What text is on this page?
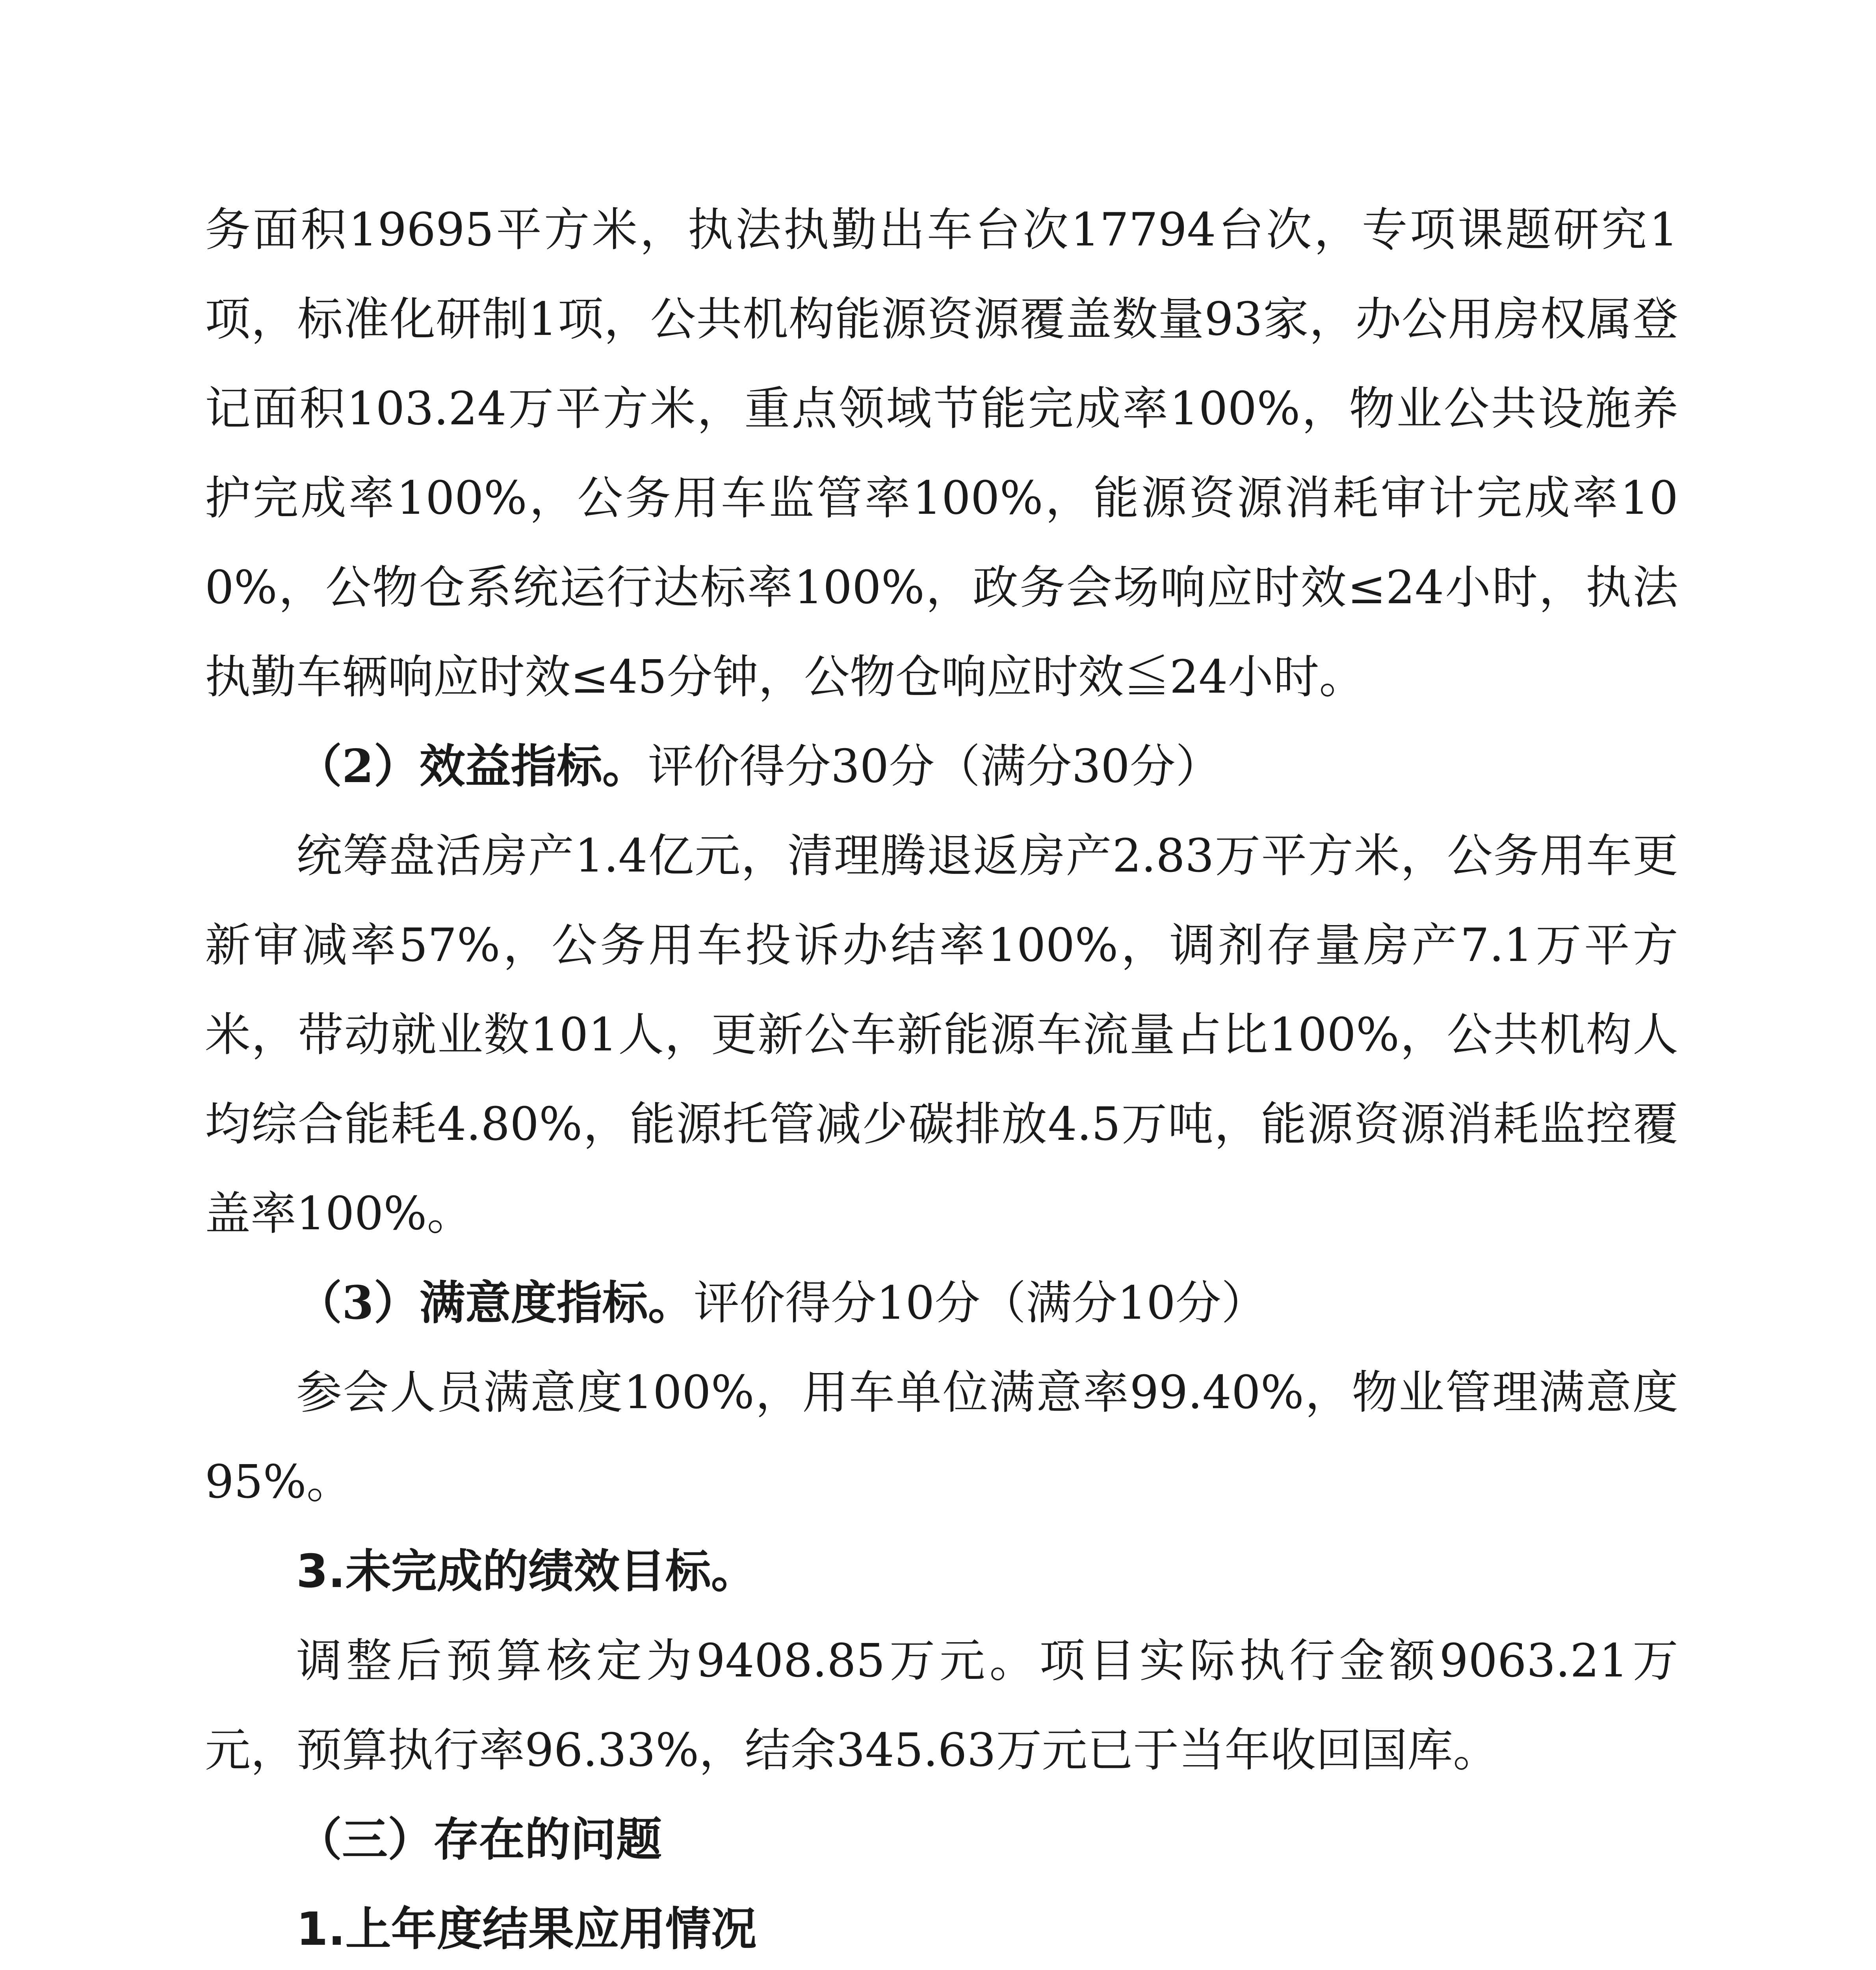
务面积19695平方米，执法执勤出车台次17794台次，专项课题研究1项，标准化研制1项，公共机构能源资源覆盖数量93家，办公用房权属登记面积103.24万平方米，重点领域节能完成率100%，物业公共设施养护完成率100%，公务用车监管率100%，能源资源消耗审计完成率100%，公物仓系统运行达标率100%，政务会场响应时效≤24小时，执法执勤车辆响应时效≤45分钟，公物仓响应时效≦24小时。

（2）效益指标。评价得分30分（满分30分）

统筹盘活房产1.4亿元，清理腾退返房产2.83万平方米，公务用车更新审减率57%，公务用车投诉办结率100%，调剂存量房产7.1万平方米，带动就业数101人，更新公车新能源车流量占比100%，公共机构人均综合能耗4.80%，能源托管减少碳排放4.5万吨，能源资源消耗监控覆盖率100%。

（3）满意度指标。评价得分10分（满分10分）

参会人员满意度100%，用车单位满意率99.40%，物业管理满意度95%。

3.未完成的绩效目标。

调整后预算核定为9408.85万元。项目实际执行金额9063.21万元，预算执行率96.33%，结余345.63万元已于当年收回国库。

（三）存在的问题

1.上年度结果应用情况
